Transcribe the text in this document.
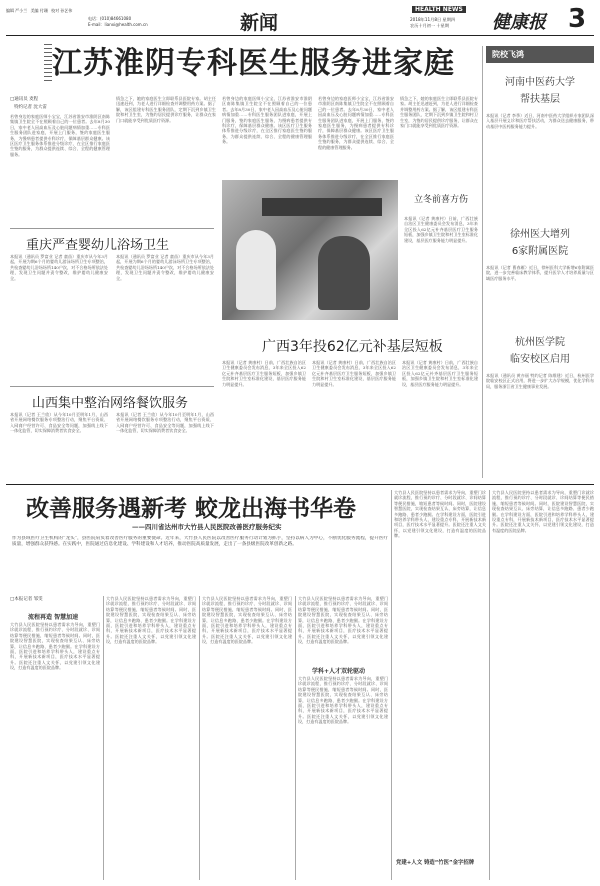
编辑 严小兰 美编 付珊 校对 孙艺伟
电话：(010)84661080
E-mail：lianxi@health.com.cn	新闻
HEALTH NEWS
2018年11月8日 星期四
农历十月初一 十星期 健康报 3
江苏淮阴专科医生服务进家庭	院校飞鸿
河南中医药大学
帮扶基层
本报讯（记者 李季）近日，河南中医药大学组织专家团队深入基层开展义诊和医疗帮扶活动，为群众送去健康服务，带动基层中医药服务能力提升。
徐州医大增列
6家附属医院
本报讯（记者 曹春雁）近日，徐州医科大学新增6家附属医院，进一步完善临床教学体系，提升医学人才培养质量与区域医疗服务水平。
杭州医学院
临安校区启用
本报讯（通讯员 黄亦丽 特约记者 陈维建）近日，杭州医学院临安校区正式启用，将进一步扩大办学规模，优化学科布局，服务浙江省卫生健康事业发展。
□通讯员 麦程
特约记者 沈大雷
若曾身边的家庭医师小宝宝，江苏省淮安市淮阴区南陈集镇卫生院全不在照顾着自己的一位患者。去年8月30日，家中老人因高血压及心脏问题病情加重……专科医生服务团队进家庭，开展上门服务，签约家庭医生服务，为慢病患者提供专科诊疗，保障基层群众健康。该区医疗卫生服务体系推进分级诊疗，在全区推行家庭医生签约服务，为群众提供连续、综合、全程的健康管理服务。
情急之下，她的家庭医生立即联系县医院专家。胡主任迅速赶到，为老人进行详细检查并调整用药方案。据了解，该区组建专科医生服务团队，定期下沉到乡镇卫生院和村卫生室，为签约居民提供诊疗服务，让群众在家门口就能享受到优质医疗资源。
若曾身边的家庭医师小宝宝，江苏省淮安市淮阴区南陈集镇卫生院全不在照顾着自己的一位患者。去年8月30日，家中老人因高血压及心脏问题病情加重……专科医生服务团队进家庭，开展上门服务，签约家庭医生服务，为慢病患者提供专科诊疗，保障基层群众健康。该区医疗卫生服务体系推进分级诊疗，在全区推行家庭医生签约服务，为群众提供连续、综合、全程的健康管理服务。
若曾身边的家庭医师小宝宝，江苏省淮安市淮阴区南陈集镇卫生院全不在照顾着自己的一位患者。去年8月30日，家中老人因高血压及心脏问题病情加重……专科医生服务团队进家庭，开展上门服务，签约家庭医生服务，为慢病患者提供专科诊疗，保障基层群众健康。该区医疗卫生服务体系推进分级诊疗，在全区推行家庭医生签约服务，为群众提供连续、综合、全程的健康管理服务。
情急之下，她的家庭医生立即联系县医院专家。胡主任迅速赶到，为老人进行详细检查并调整用药方案。据了解，该区组建专科医生服务团队，定期下沉到乡镇卫生院和村卫生室，为签约居民提供诊疗服务，让群众在家门口就能享受到优质医疗资源。
重庆严查婴幼儿浴场卫生
本报讯（通讯员 罗富业 记者 童苗）重庆市从今年3月起，开展为期6个月的婴幼儿游泳场所卫生专项整治，共检查婴幼儿浴场场所140户次，对不合格场所依法处理，发现卫生问题并责令整改，维护婴幼儿健康安全。
本报讯（通讯员 罗富业 记者 童苗）重庆市从今年3月起，开展为期6个月的婴幼儿游泳场所卫生专项整治，共检查婴幼儿浴场场所140户次，对不合格场所依法处理，发现卫生问题并责令整改，维护婴幼儿健康安全。
立冬前喜方伤
本报讯（记者 黄康村）日前，广西壮族自治区卫生健康委员会发布消息，3年来全区投入62亿元补齐基层医疗卫生服务短板，加强乡镇卫生院和村卫生室标准化建设，基层医疗服务能力明显提升。
山西集中整治网络餐饮服务
本报讯（记者 王兰欣）从今年10月至明年1月，山西省开展网络餐饮服务专项整治行动，聚焦平台资质、入网商户经营许可、食品安全等问题，加强线上线下一体化监管，切实保障消费者饮食安全。
本报讯（记者 王兰欣）从今年10月至明年1月，山西省开展网络餐饮服务专项整治行动，聚焦平台资质、入网商户经营许可、食品安全等问题，加强线上线下一体化监管，切实保障消费者饮食安全。
广西3年投62亿元补基层短板
本报讯（记者 黄康村）日前，广西壮族自治区卫生健康委员会发布消息，3年来全区投入62亿元补齐基层医疗卫生服务短板，加强乡镇卫生院和村卫生室标准化建设，基层医疗服务能力明显提升。
本报讯（记者 黄康村）日前，广西壮族自治区卫生健康委员会发布消息，3年来全区投入62亿元补齐基层医疗卫生服务短板，加强乡镇卫生院和村卫生室标准化建设，基层医疗服务能力明显提升。
本报讯（记者 黄康村）日前，广西壮族自治区卫生健康委员会发布消息，3年来全区投入62亿元补齐基层医疗卫生服务短板，加强乡镇卫生院和村卫生室标准化建设，基层医疗服务能力明显提升。
改善服务遇新考 蛟龙出海书华卷
——四川省达州市大竹县人民医院改善医疗服务纪实
作为县域医疗卫生机构的“龙头”，县医院肩负着改善医疗服务的重要使命。近年来，大竹县人民医院以改善医疗服务行动计划为抓手，坚持以病人为中心，不断优化服务流程，提升医疗质量，增强群众获得感。在实践中，医院通过信息化建设、学科建设和人才培养，推动医院高质量发展，走出了一条县级医院改革创新之路。
□本报记者 邹雯
流程再造 智慧加速
大竹县人民医院坚持以患者需求为导向，重塑门诊就诊流程，推行预约诊疗、分时段就诊、诊间结算等便民措施，缩短患者等候时间。同时，医院建设智慧医院，实现检查结果互认、床旁结算，让信息多跑路、患者少跑腿。在学科建设方面，医院引进和培养学科带头人，建设重点专科，开展新技术新项目，医疗技术水平显著提升。医院还注重人文关怀，以党建引领文化建设，打造有温度的医院品牌。
大竹县人民医院坚持以患者需求为导向，重塑门诊就诊流程，推行预约诊疗、分时段就诊、诊间结算等便民措施，缩短患者等候时间。同时，医院建设智慧医院，实现检查结果互认、床旁结算，让信息多跑路、患者少跑腿。在学科建设方面，医院引进和培养学科带头人，建设重点专科，开展新技术新项目，医疗技术水平显著提升。医院还注重人文关怀，以党建引领文化建设，打造有温度的医院品牌。
大竹县人民医院坚持以患者需求为导向，重塑门诊就诊流程，推行预约诊疗、分时段就诊、诊间结算等便民措施，缩短患者等候时间。同时，医院建设智慧医院，实现检查结果互认、床旁结算，让信息多跑路、患者少跑腿。在学科建设方面，医院引进和培养学科带头人，建设重点专科，开展新技术新项目，医疗技术水平显著提升。医院还注重人文关怀，以党建引领文化建设，打造有温度的医院品牌。
学科+人才双轮驱动
大竹县人民医院坚持以患者需求为导向，重塑门诊就诊流程，推行预约诊疗、分时段就诊、诊间结算等便民措施，缩短患者等候时间。同时，医院建设智慧医院，实现检查结果互认、床旁结算，让信息多跑路、患者少跑腿。在学科建设方面，医院引进和培养学科带头人，建设重点专科，开展新技术新项目，医疗技术水平显著提升。医院还注重人文关怀，以党建引领文化建设，打造有温度的医院品牌。
大竹县人民医院坚持以患者需求为导向，重塑门诊就诊流程，推行预约诊疗、分时段就诊、诊间结算等便民措施，缩短患者等候时间。同时，医院建设智慧医院，实现检查结果互认、床旁结算，让信息多跑路、患者少跑腿。在学科建设方面，医院引进和培养学科带头人，建设重点专科，开展新技术新项目，医疗技术水平显著提升。医院还注重人文关怀，以党建引领文化建设，打造有温度的医院品牌。
大竹县人民医院坚持以患者需求为导向，重塑门诊就诊流程，推行预约诊疗、分时段就诊、诊间结算等便民措施，缩短患者等候时间。同时，医院建设智慧医院，实现检查结果互认、床旁结算，让信息多跑路、患者少跑腿。在学科建设方面，医院引进和培养学科带头人，建设重点专科，开展新技术新项目，医疗技术水平显著提升。医院还注重人文关怀，以党建引领文化建设，打造有温度的医院品牌。
大竹县人民医院坚持以患者需求为导向，重塑门诊就诊流程，推行预约诊疗、分时段就诊、诊间结算等便民措施，缩短患者等候时间。同时，医院建设智慧医院，实现检查结果互认、床旁结算，让信息多跑路、患者少跑腿。在学科建设方面，医院引进和培养学科带头人，建设重点专科，开展新技术新项目，医疗技术水平显著提升。医院还注重人文关怀，以党建引领文化建设，打造有温度的医院品牌。
党建+人文 铸造“竹医”金字招牌
